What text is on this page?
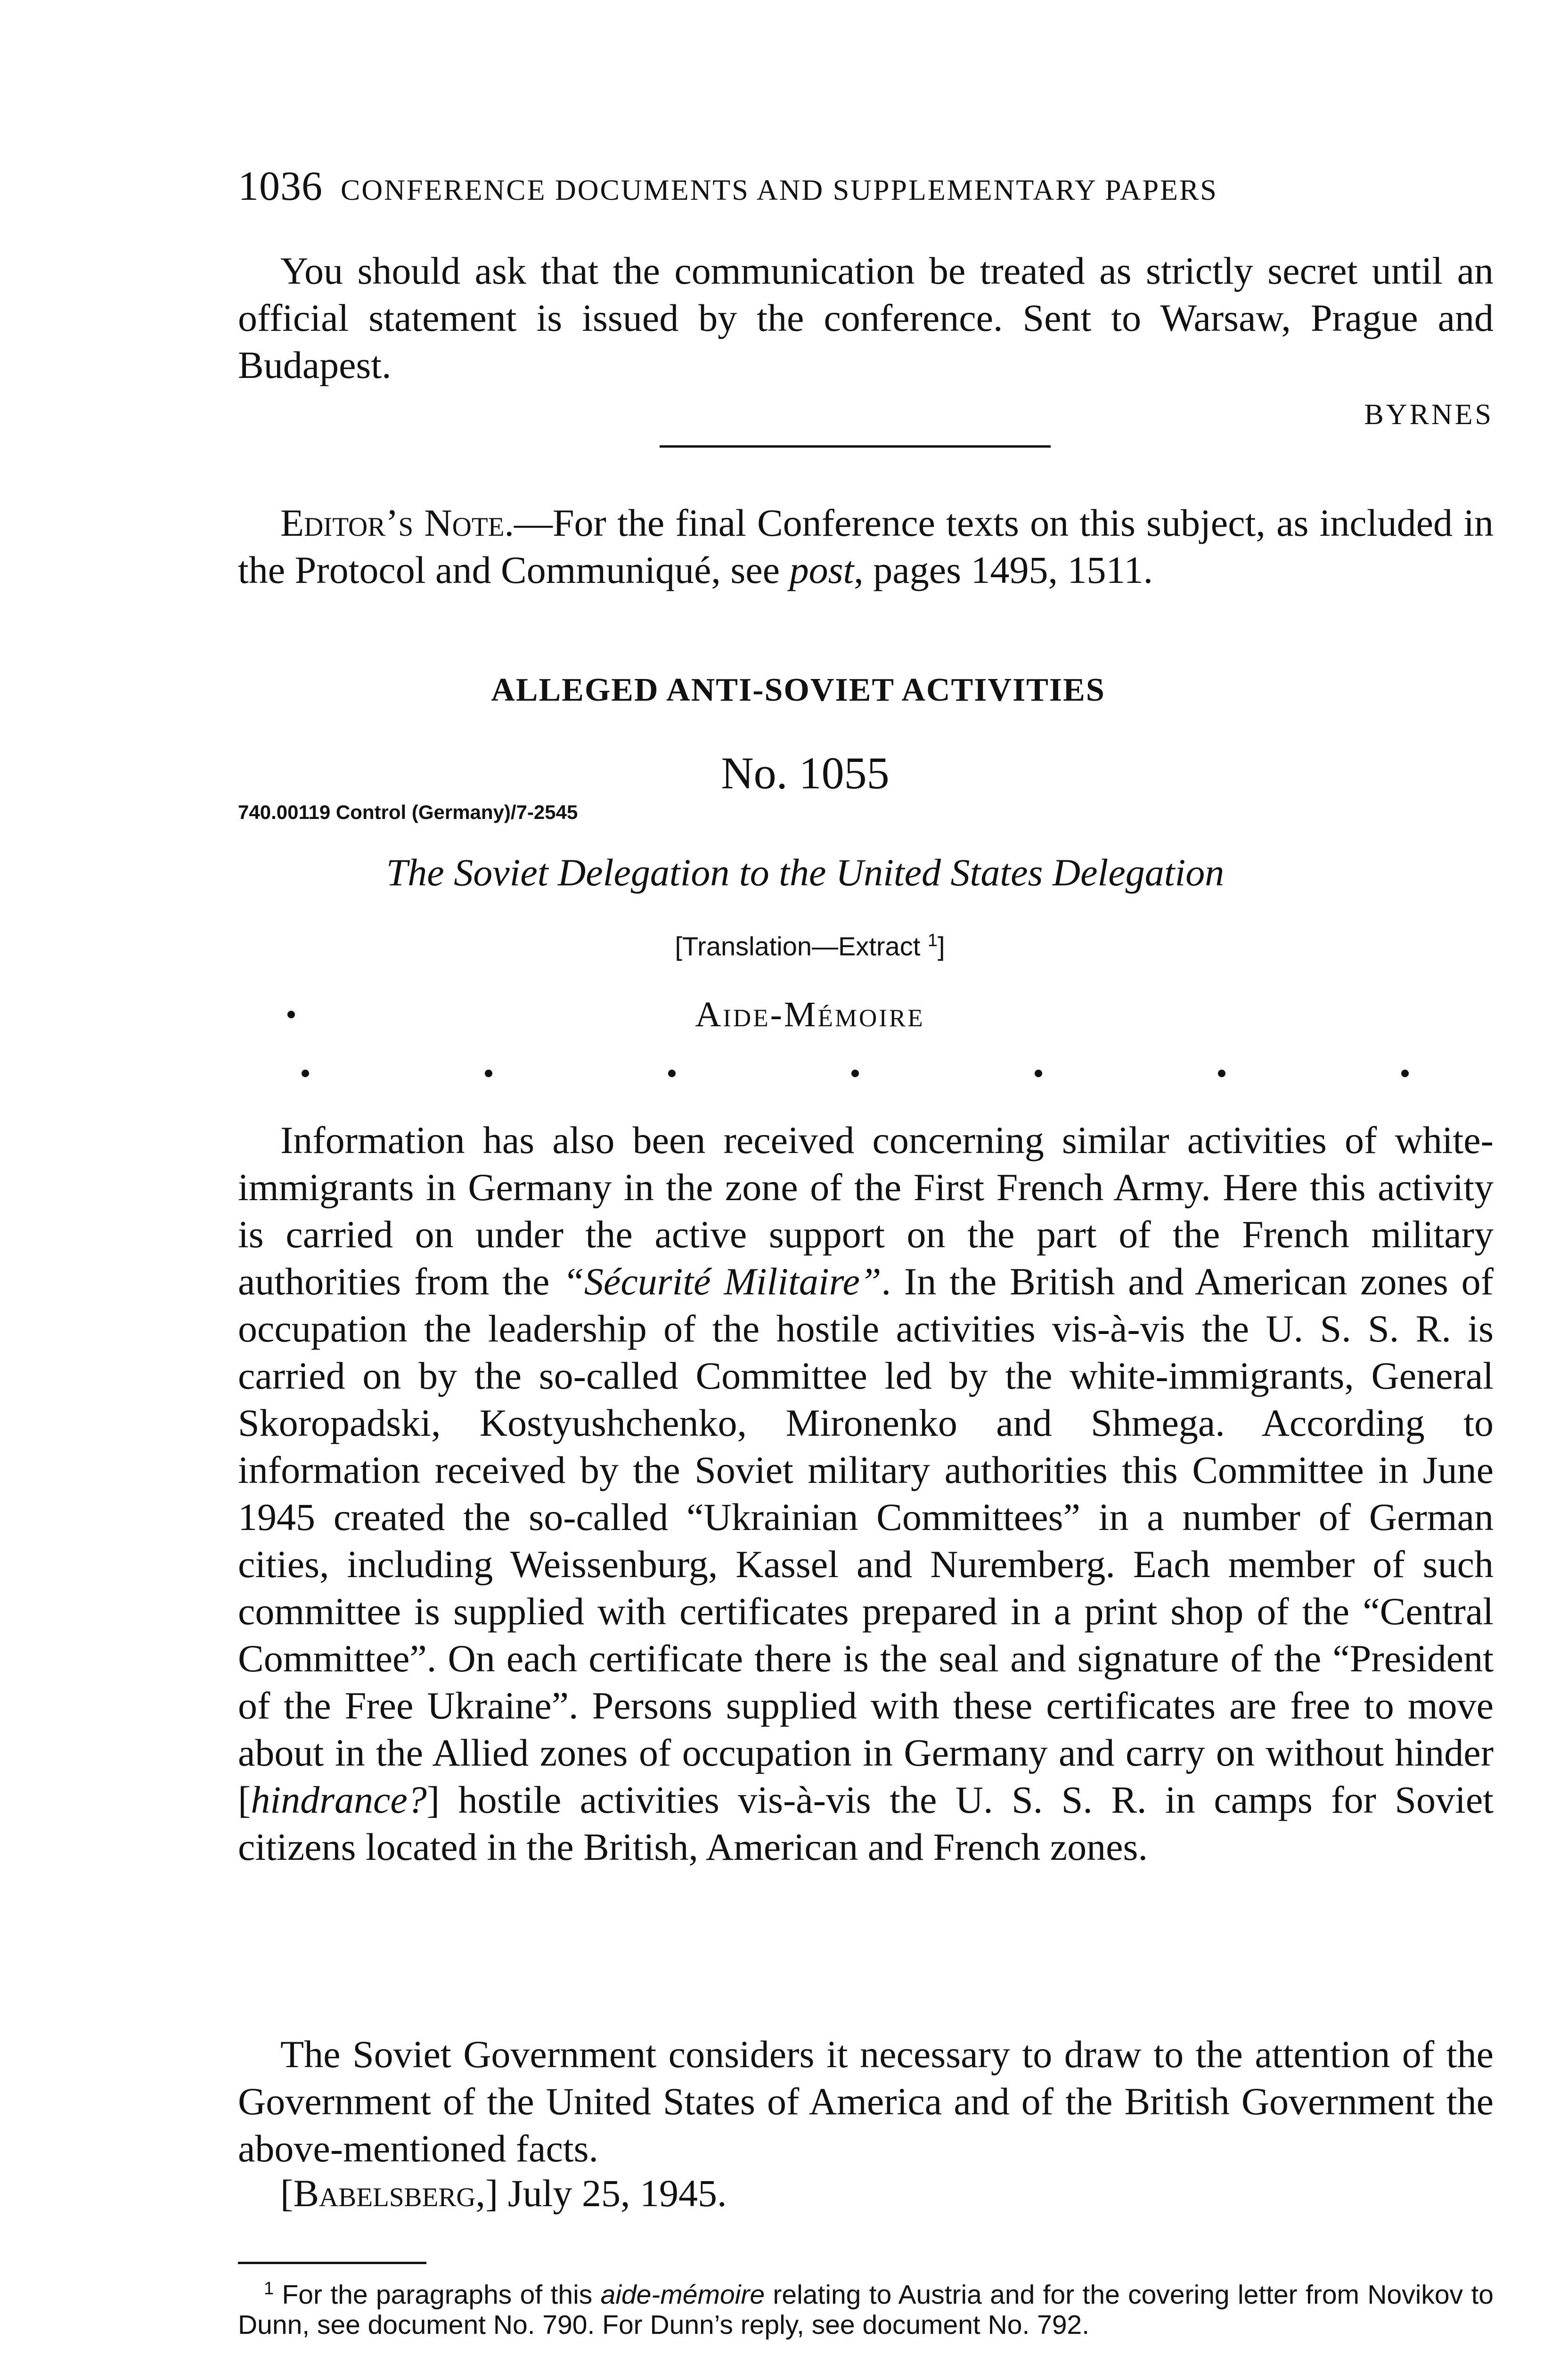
1036 CONFERENCE DOCUMENTS AND SUPPLEMENTARY PAPERS

You should ask that the communication be treated as strictly secret until an official statement is issued by the conference. Sent to Warsaw, Prague and Budapest.

BYRNES

Editor’s Note.—For the final Conference texts on this subject, as included in the Protocol and Communiqué, see post, pages 1495, 1511.

ALLEGED ANTI-SOVIET ACTIVITIES
No. 1055
740.00119 Control (Germany)/7-2545
The Soviet Delegation to the United States Delegation
[Translation—Extract $^1$]
Aide-Mémoire

Information has also been received concerning similar activities of white-immigrants in Germany in the zone of the First French Army. Here this activity is carried on under the active support on the part of the French military authorities from the “Sécurité Militaire”. In the British and American zones of occupation the leadership of the hostile activities vis-à-vis the U. S. S. R. is carried on by the so-called Committee led by the white-immigrants, General Skoropadski, Kostyushchenko, Mironenko and Shmega. According to information received by the Soviet military authorities this Committee in June 1945 created the so-called “Ukrainian Committees” in a number of German cities, including Weissenburg, Kassel and Nuremberg. Each member of such committee is supplied with certificates prepared in a print shop of the “Central Committee”. On each certificate there is the seal and signature of the “President of the Free Ukraine”. Persons supplied with these certificates are free to move about in the Allied zones of occupation in Germany and carry on without hinder [hindrance?] hostile activities vis-à-vis the U. S. S. R. in camps for Soviet citizens located in the British, American and French zones.

The Soviet Government considers it necessary to draw to the attention of the Government of the United States of America and of the British Government the above-mentioned facts.

[Babelsberg,] July 25, 1945.

$^1$ For the paragraphs of this aide-mémoire relating to Austria and for the covering letter from Novikov to Dunn, see document No. 790. For Dunn’s reply, see document No. 792.
